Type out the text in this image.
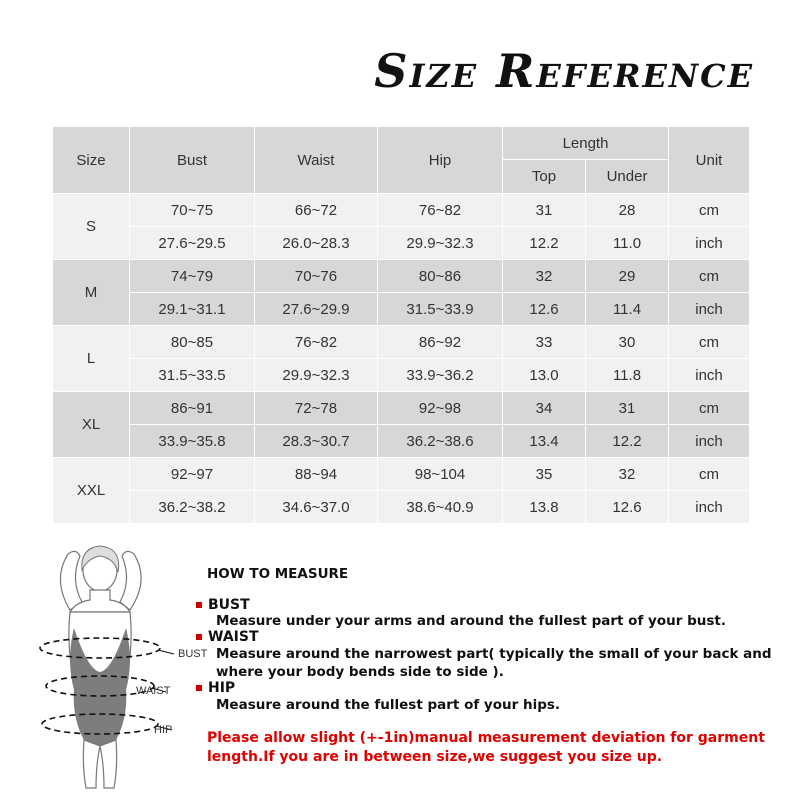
Size Reference
Size	Bust	Waist	Hip	Length		Unit
				Top	Under	
S	70~75	66~72	76~82	31	28	cm
	27.6~29.5	26.0~28.3	29.9~32.3	12.2	11.0	inch
M	74~79	70~76	80~86	32	29	cm
	29.1~31.1	27.6~29.9	31.5~33.9	12.6	11.4	inch
L	80~85	76~82	86~92	33	30	cm
	31.5~33.5	29.9~32.3	33.9~36.2	13.0	11.8	inch
XL	86~91	72~78	92~98	34	31	cm
	33.9~35.8	28.3~30.7	36.2~38.6	13.4	12.2	inch
XXL	92~97	88~94	98~104	35	32	cm
	36.2~38.2	34.6~37.0	38.6~40.9	13.8	12.6	inch
BUST
WAIST
HIP
HOW TO MEASURE
BUST
Measure under your arms and around the fullest part of your bust.
WAIST
Measure around the narrowest part( typically the small of your back and where your body bends side to side ).
HIP
Measure around the fullest part of your hips.
Please allow slight (+-1in)manual measurement deviation for garment length.If you are in between size,we suggest you size up.
